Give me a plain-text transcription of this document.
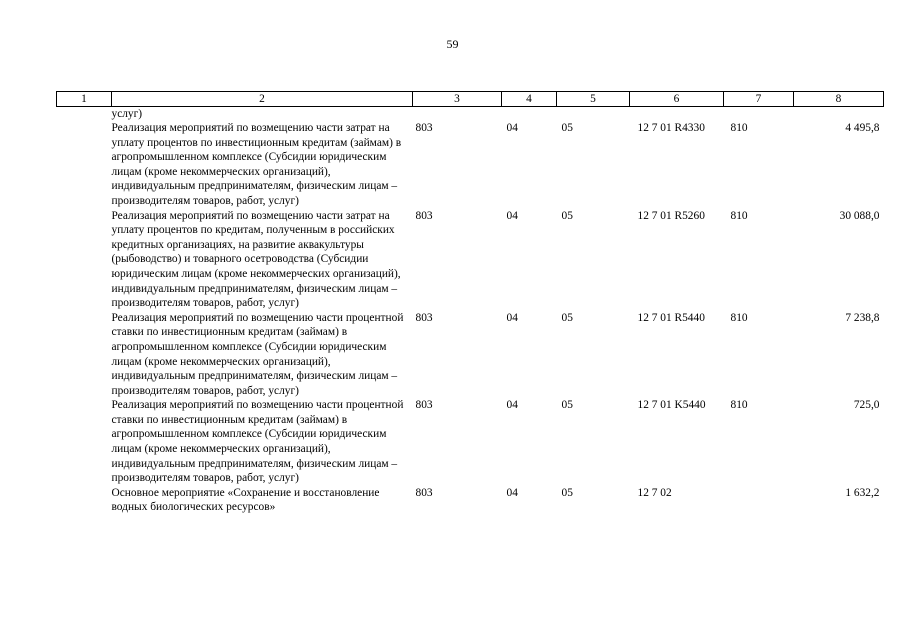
59
1	2	3	4	5	6	7	8
	услуг)						
	Реализация мероприятий по возмещению части затрат на уплату процентов по инвестиционным кредитам (займам) в агропромышленном комплексе (Субсидии юридическим лицам (кроме некоммерческих организаций), индивидуальным предпринимателям, физическим лицам – производителям товаров, работ, услуг)	803	04	05	12 7 01 R4330	810	4 495,8
	Реализация мероприятий по возмещению части затрат на уплату процентов по кредитам, полученным в российских кредитных организациях, на развитие аквакультуры (рыбоводство) и товарного осетроводства (Субсидии юридическим лицам (кроме некоммерческих организаций), индивидуальным предпринимателям, физическим лицам – производителям товаров, работ, услуг)	803	04	05	12 7 01 R5260	810	30 088,0
	Реализация мероприятий по возмещению части процентной ставки по инвестиционным кредитам (займам) в агропромышленном комплексе (Субсидии юридическим лицам (кроме некоммерческих организаций), индивидуальным предпринимателям, физическим лицам – производителям товаров, работ, услуг)	803	04	05	12 7 01 R5440	810	7 238,8
	Реализация мероприятий по возмещению части процентной ставки по инвестиционным кредитам (займам) в агропромышленном комплексе (Субсидии юридическим лицам (кроме некоммерческих организаций), индивидуальным предпринимателям, физическим лицам – производителям товаров, работ, услуг)	803	04	05	12 7 01 K5440	810	725,0
	Основное мероприятие «Сохранение и восстановление водных биологических ресурсов»	803	04	05	12 7 02		1 632,2
